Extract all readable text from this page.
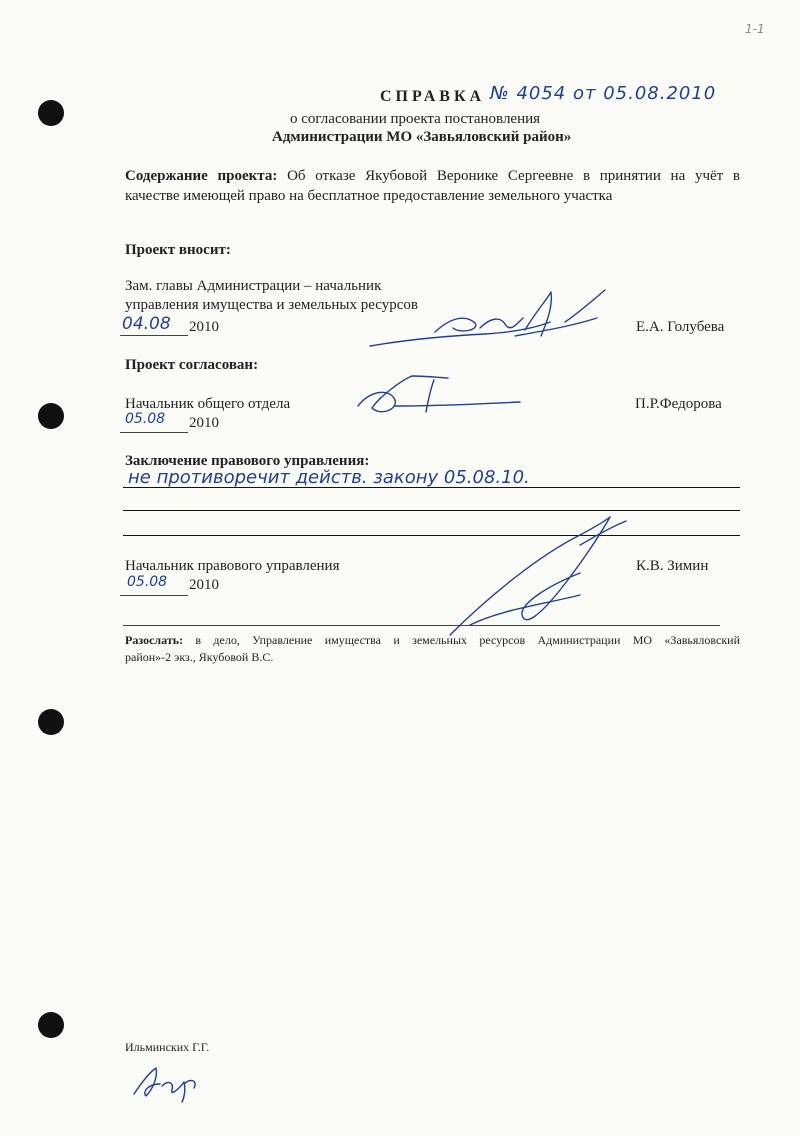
1-1
СПРАВКА № 4054 от 05.08.2010
о согласовании проекта постановления
Администрации МО «Завьяловский район»
Содержание проекта: Об отказе Якубовой Веронике Сергеевне в принятии на учёт в
качестве имеющей право на бесплатное предоставление земельного участка
Проект вносит:
Зам. главы Администрации – начальник
управления имущества и земельных ресурсов
04.08 2010	Е.А. Голубева
Проект согласован:
Начальник общего отдела
05.08 2010
П.Р.Федорова
Заключение правового управления:
не противоречит действ. закону 05.08.10.
Начальник правового управления
05.08 2010
К.В. Зимин
Разослать: в дело, Управление имущества и земельных ресурсов Администрации МО «Завьяловский
район»-2 экз., Якубовой В.С.
Ильминских Г.Г.
